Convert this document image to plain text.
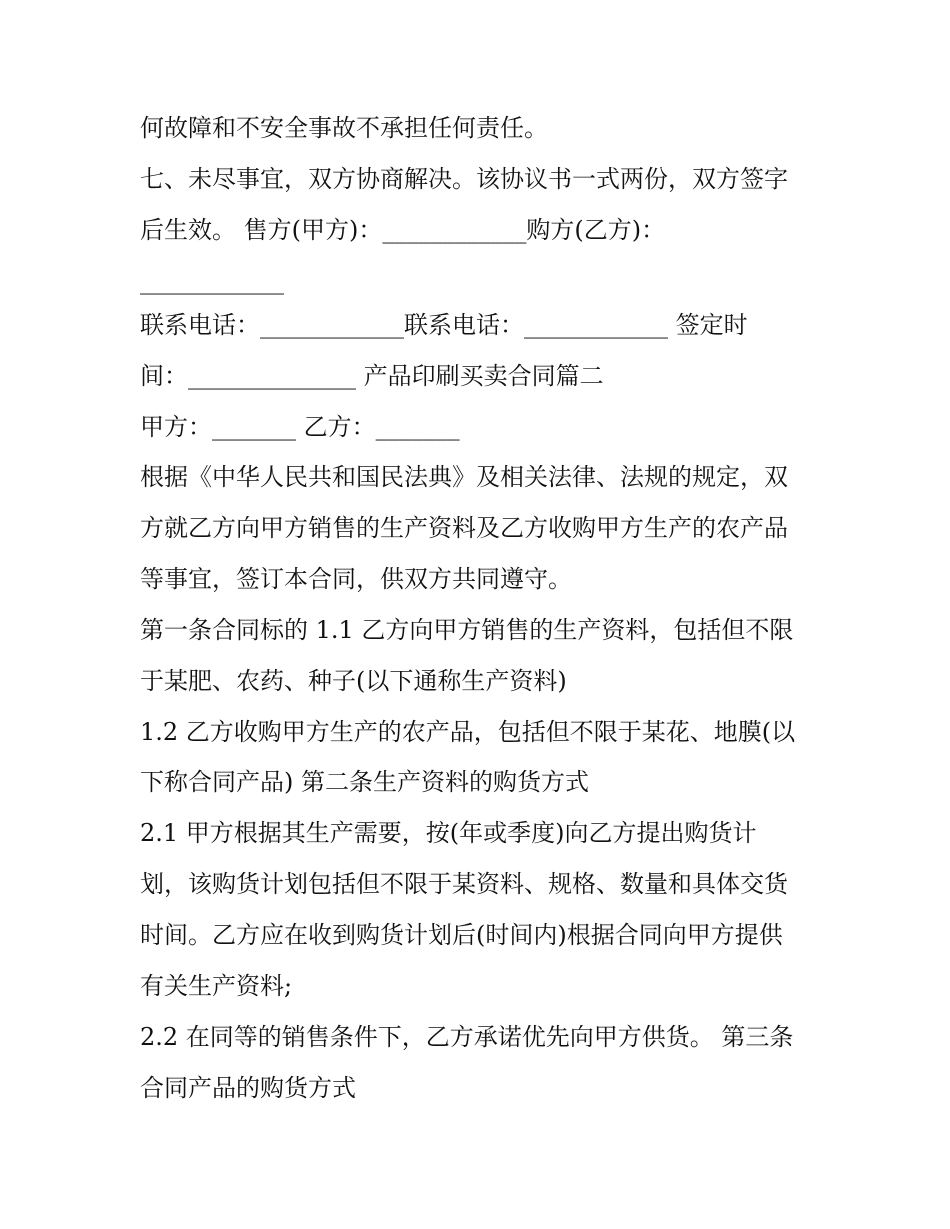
何故障和不安全事故不承担任何责任。

七、未尽事宜，双方协商解决。该协议书一式两份，双方签字

后生效。 售方(甲方)：____________购方(乙方)：

____________

联系电话：____________联系电话：____________ 签定时

间：______________ 产品印刷买卖合同篇二

甲方：_______ 乙方：_______

根据《中华人民共和国民法典》及相关法律、法规的规定，双

方就乙方向甲方销售的生产资料及乙方收购甲方生产的农产品

等事宜，签订本合同，供双方共同遵守。

第一条合同标的 1.1 乙方向甲方销售的生产资料，包括但不限

于某肥、农药、种子(以下通称生产资料)

1.2 乙方收购甲方生产的农产品，包括但不限于某花、地膜(以

下称合同产品) 第二条生产资料的购货方式

2.1 甲方根据其生产需要，按(年或季度)向乙方提出购货计

划，该购货计划包括但不限于某资料、规格、数量和具体交货

时间。乙方应在收到购货计划后(时间内)根据合同向甲方提供

有关生产资料;

2.2 在同等的销售条件下，乙方承诺优先向甲方供货。 第三条

合同产品的购货方式
